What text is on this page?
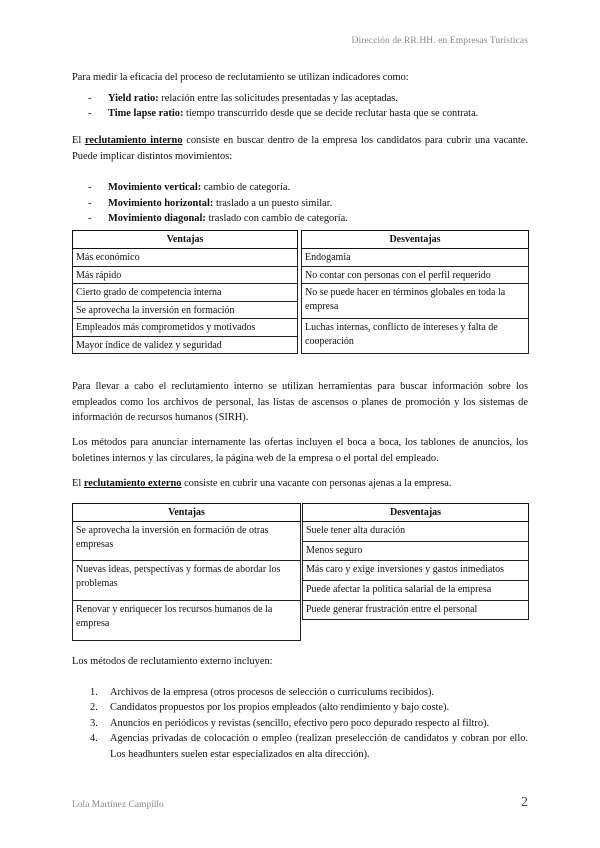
Dirección de RR.HH. en Empresas Turísticas

Para medir la eficacia del proceso de reclutamiento se utilizan indicadores como:

- Yield ratio: relación entre las solicitudes presentadas y las aceptadas.
- Time lapse ratio: tiempo transcurrido desde que se decide reclutar hasta que se contrata.

El reclutamiento interno consiste en buscar dentro de la empresa los candidatos para cubrir una vacante. Puede implicar distintos movimientos:

- Movimiento vertical: cambio de categoría.
- Movimiento horizontal: traslado a un puesto similar.
- Movimiento diagonal: traslado con cambio de categoría.
Ventajas		Desventajas
Más económico		Endogamia
Más rápido		No contar con personas con el perfil requerido
Cierto grado de competencia interna		No se puede hacer en términos globales en toda la empresa
Se aprovecha la inversión en formación		
Empleados más comprometidos y motivados		Luchas internas, conflicto de intereses y falta de cooperación
Mayor índice de validez y seguridad		

Para llevar a cabo el reclutamiento interno se utilizan herramientas para buscar información sobre los empleados como los archivos de personal, las listas de ascensos o planes de promoción y los sistemas de información de recursos humanos (SIRH).

Los métodos para anunciar internamente las ofertas incluyen el boca a boca, los tablones de anuncios, los boletines internos y las circulares, la página web de la empresa o el portal del empleado.

El reclutamiento externo consiste en cubrir una vacante con personas ajenas a la empresa.

Ventajas		Desventajas
Se aprovecha la inversión en formación de otras empresas		Suele tener alta duración
		Menos seguro
Nuevas ideas, perspectivas y formas de abordar los problemas		Más caro y exige inversiones y gastos inmediatos
		Puede afectar la política salarial de la empresa
Renovar y enriquecer los recursos humanos de la empresa		Puede generar frustración entre el personal

Los métodos de reclutamiento externo incluyen:

1. Archivos de la empresa (otros procesos de selección o curriculums recibidos).
2. Candidatos propuestos por los propios empleados (alto rendimiento y bajo coste).
3. Anuncios en periódicos y revistas (sencillo, efectivo pero poco depurado respecto al filtro).
4. Agencias privadas de colocación o empleo (realizan preselección de candidatos y cobran por ello. Los headhunters suelen estar especializados en alta dirección).
Lola Martínez Campillo	2
